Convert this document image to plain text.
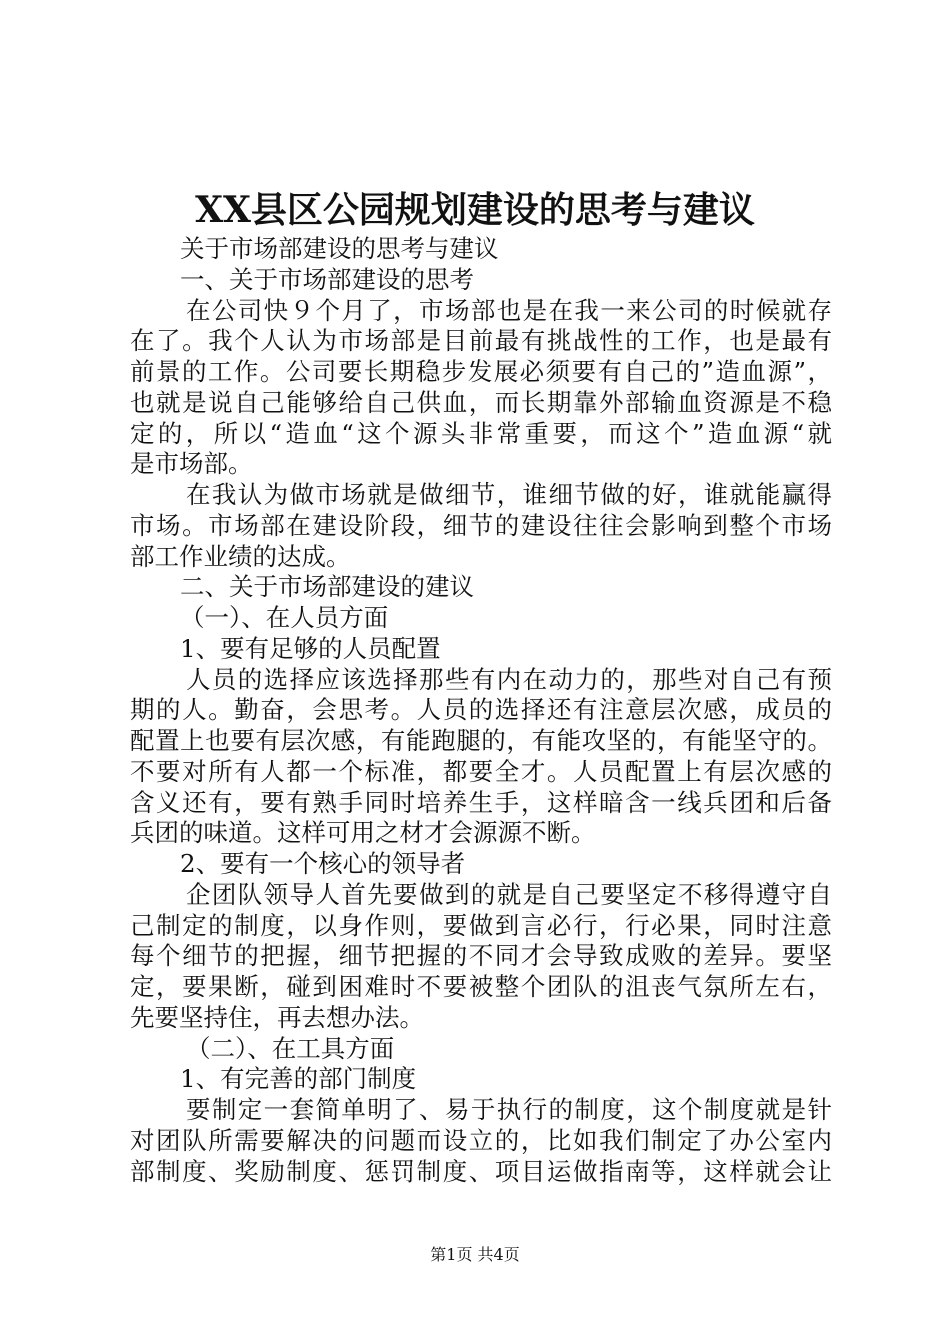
XX县区公园规划建设的思考与建议
关于市场部建设的思考与建议
一、关于市场部建设的思考
在公司快９个月了，市场部也是在我一来公司的时候就存
在了。我个人认为市场部是目前最有挑战性的工作，也是最有
前景的工作。公司要长期稳步发展必须要有自己的”造血源”，
也就是说自己能够给自己供血，而长期靠外部输血资源是不稳
定的，所以“造血“这个源头非常重要，而这个”造血源“就
是市场部。
在我认为做市场就是做细节，谁细节做的好，谁就能赢得
市场。市场部在建设阶段，细节的建设往往会影响到整个市场
部工作业绩的达成。
二、关于市场部建设的建议
（一）、在人员方面
1、要有足够的人员配置
人员的选择应该选择那些有内在动力的，那些对自己有预
期的人。勤奋，会思考。人员的选择还有注意层次感，成员的
配置上也要有层次感，有能跑腿的，有能攻坚的，有能坚守的。
不要对所有人都一个标准，都要全才。人员配置上有层次感的
含义还有，要有熟手同时培养生手，这样暗含一线兵团和后备
兵团的味道。这样可用之材才会源源不断。
2、要有一个核心的领导者
企团队领导人首先要做到的就是自己要坚定不移得遵守自
己制定的制度，以身作则，要做到言必行，行必果，同时注意
每个细节的把握，细节把握的不同才会导致成败的差异。要坚
定，要果断，碰到困难时不要被整个团队的沮丧气氛所左右，
先要坚持住，再去想办法。
（二）、在工具方面
1、有完善的部门制度
要制定一套简单明了、易于执行的制度，这个制度就是针
对团队所需要解决的问题而设立的，比如我们制定了办公室内
部制度、奖励制度、惩罚制度、项目运做指南等，这样就会让
第1页 共4页
